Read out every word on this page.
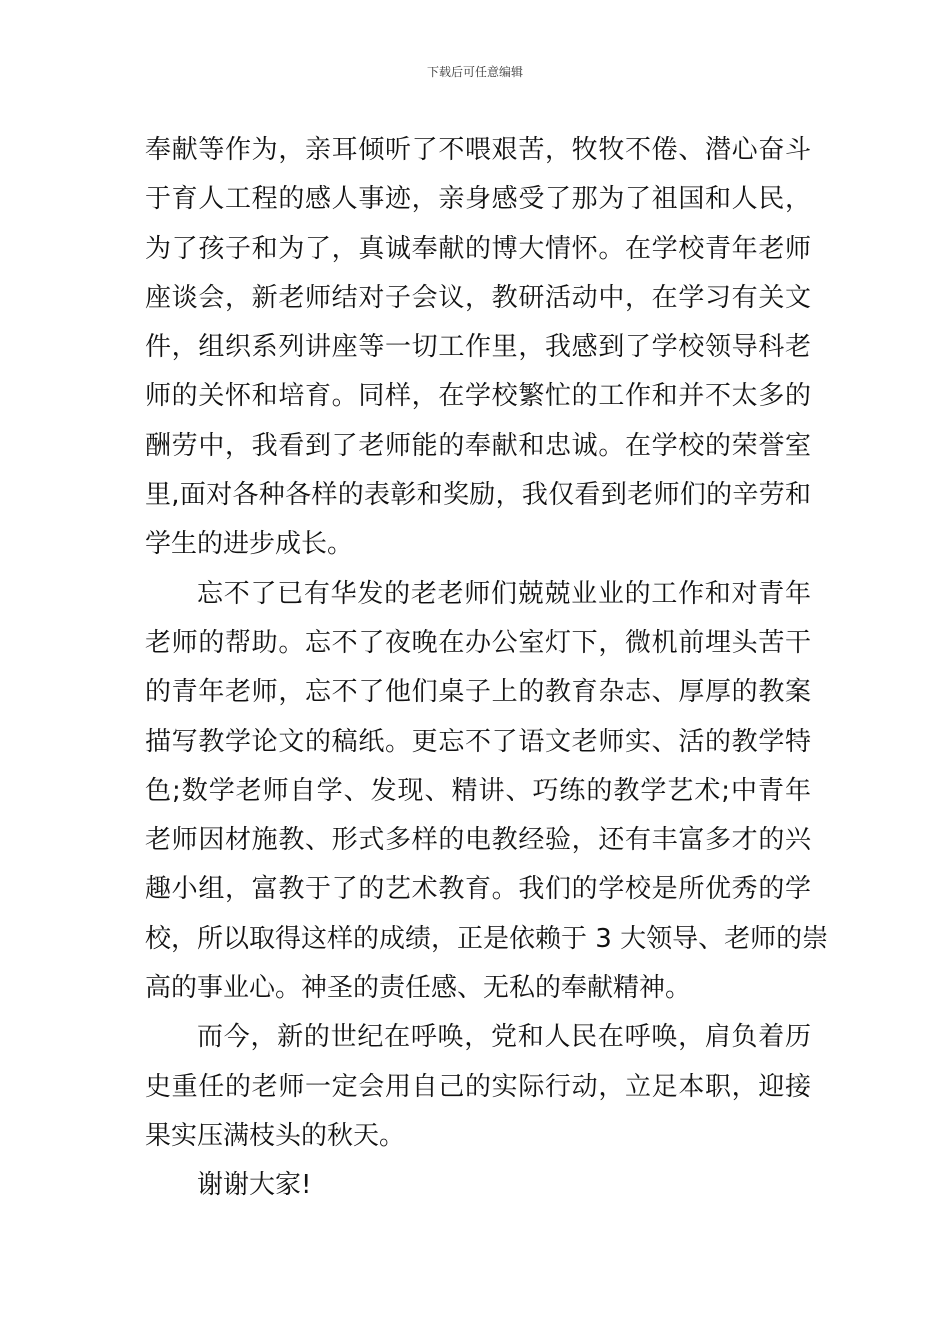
下载后可任意编辑
奉献等作为，亲耳倾听了不喂艰苦，牧牧不倦、潜心奋斗
于育人工程的感人事迹，亲身感受了那为了祖国和人民，
为了孩子和为了，真诚奉献的博大情怀。在学校青年老师
座谈会，新老师结对子会议，教研活动中，在学习有关文
件，组织系列讲座等一切工作里，我感到了学校领导科老
师的关怀和培育。同样，在学校繁忙的工作和并不太多的
酬劳中，我看到了老师能的奉献和忠诚。在学校的荣誉室
里,面对各种各样的表彰和奖励，我仅看到老师们的辛劳和
学生的进步成长。
忘不了已有华发的老老师们兢兢业业的工作和对青年
老师的帮助。忘不了夜晚在办公室灯下，微机前埋头苦干
的青年老师，忘不了他们桌子上的教育杂志、厚厚的教案
描写教学论文的稿纸。更忘不了语文老师实、活的教学特
色;数学老师自学、发现、精讲、巧练的教学艺术;中青年
老师因材施教、形式多样的电教经验，还有丰富多才的兴
趣小组，富教于了的艺术教育。我们的学校是所优秀的学
校，所以取得这样的成绩，正是依赖于 3 大领导、老师的崇
高的事业心。神圣的责任感、无私的奉献精神。
而今，新的世纪在呼唤，党和人民在呼唤，肩负着历
史重任的老师一定会用自己的实际行动，立足本职，迎接
果实压满枝头的秋天。
谢谢大家!
